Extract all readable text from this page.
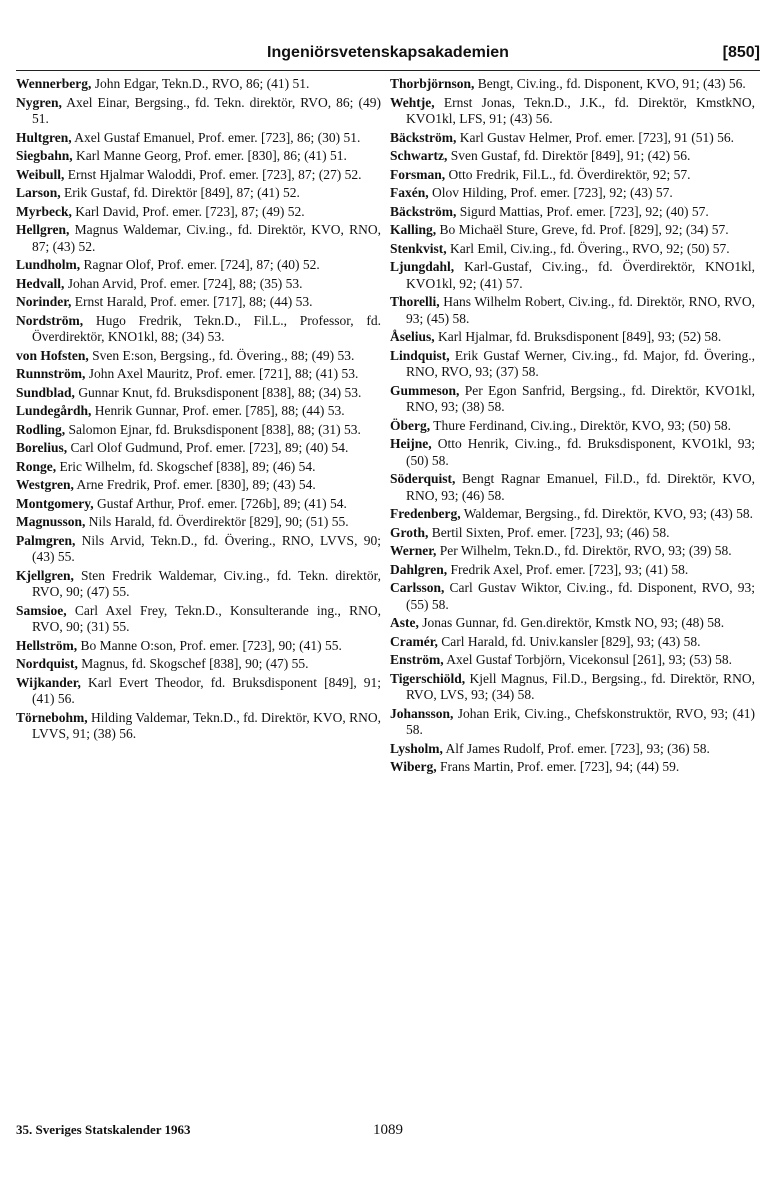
Ingeniörsvetenskapsakademien	[850]

Wennerberg, John Edgar, Tekn.D., RVO, 86; (41) 51.

Nygren, Axel Einar, Bergsing., fd. Tekn. direktör, RVO, 86; (49) 51.

Hultgren, Axel Gustaf Emanuel, Prof. emer. [723], 86; (30) 51.

Siegbahn, Karl Manne Georg, Prof. emer. [830], 86; (41) 51.

Weibull, Ernst Hjalmar Waloddi, Prof. emer. [723], 87; (27) 52.

Larson, Erik Gustaf, fd. Direktör [849], 87; (41) 52.

Myrbeck, Karl David, Prof. emer. [723], 87; (49) 52.

Hellgren, Magnus Waldemar, Civ.ing., fd. Direktör, KVO, RNO, 87; (43) 52.

Lundholm, Ragnar Olof, Prof. emer. [724], 87; (40) 52.

Hedvall, Johan Arvid, Prof. emer. [724], 88; (35) 53.

Norinder, Ernst Harald, Prof. emer. [717], 88; (44) 53.

Nordström, Hugo Fredrik, Tekn.D., Fil.L., Professor, fd. Överdirektör, KNO1kl, 88; (34) 53.

von Hofsten, Sven E:son, Bergsing., fd. Övering., 88; (49) 53.

Runnström, John Axel Mauritz, Prof. emer. [721], 88; (41) 53.

Sundblad, Gunnar Knut, fd. Bruksdisponent [838], 88; (34) 53.

Lundegårdh, Henrik Gunnar, Prof. emer. [785], 88; (44) 53.

Rodling, Salomon Ejnar, fd. Bruksdisponent [838], 88; (31) 53.

Borelius, Carl Olof Gudmund, Prof. emer. [723], 89; (40) 54.

Ronge, Eric Wilhelm, fd. Skogschef [838], 89; (46) 54.

Westgren, Arne Fredrik, Prof. emer. [830], 89; (43) 54.

Montgomery, Gustaf Arthur, Prof. emer. [726b], 89; (41) 54.

Magnusson, Nils Harald, fd. Överdirektör [829], 90; (51) 55.

Palmgren, Nils Arvid, Tekn.D., fd. Övering., RNO, LVVS, 90; (43) 55.

Kjellgren, Sten Fredrik Waldemar, Civ.ing., fd. Tekn. direktör, RVO, 90; (47) 55.

Samsioe, Carl Axel Frey, Tekn.D., Konsulterande ing., RNO, RVO, 90; (31) 55.

Hellström, Bo Manne O:son, Prof. emer. [723], 90; (41) 55.

Nordquist, Magnus, fd. Skogschef [838], 90; (47) 55.

Wijkander, Karl Evert Theodor, fd. Bruksdisponent [849], 91; (41) 56.

Törnebohm, Hilding Valdemar, Tekn.D., fd. Direktör, KVO, RNO, LVVS, 91; (38) 56.

Thorbjörnson, Bengt, Civ.ing., fd. Disponent, KVO, 91; (43) 56.

Wehtje, Ernst Jonas, Tekn.D., J.K., fd. Direktör, KmstkNO, KVO1kl, LFS, 91; (43) 56.

Bäckström, Karl Gustav Helmer, Prof. emer. [723], 91 (51) 56.

Schwartz, Sven Gustaf, fd. Direktör [849], 91; (42) 56.

Forsman, Otto Fredrik, Fil.L., fd. Överdirektör, 92; 57.

Faxén, Olov Hilding, Prof. emer. [723], 92; (43) 57.

Bäckström, Sigurd Mattias, Prof. emer. [723], 92; (40) 57.

Kalling, Bo Michaël Sture, Greve, fd. Prof. [829], 92; (34) 57.

Stenkvist, Karl Emil, Civ.ing., fd. Övering., RVO, 92; (50) 57.

Ljungdahl, Karl-Gustaf, Civ.ing., fd. Överdirektör, KNO1kl, KVO1kl, 92; (41) 57.

Thorelli, Hans Wilhelm Robert, Civ.ing., fd. Direktör, RNO, RVO, 93; (45) 58.

Åselius, Karl Hjalmar, fd. Bruksdisponent [849], 93; (52) 58.

Lindquist, Erik Gustaf Werner, Civ.ing., fd. Major, fd. Övering., RNO, RVO, 93; (37) 58.

Gummeson, Per Egon Sanfrid, Bergsing., fd. Direktör, KVO1kl, RNO, 93; (38) 58.

Öberg, Thure Ferdinand, Civ.ing., Direktör, KVO, 93; (50) 58.

Heijne, Otto Henrik, Civ.ing., fd. Bruksdisponent, KVO1kl, 93; (50) 58.

Söderquist, Bengt Ragnar Emanuel, Fil.D., fd. Direktör, KVO, RNO, 93; (46) 58.

Fredenberg, Waldemar, Bergsing., fd. Direktör, KVO, 93; (43) 58.

Groth, Bertil Sixten, Prof. emer. [723], 93; (46) 58.

Werner, Per Wilhelm, Tekn.D., fd. Direktör, RVO, 93; (39) 58.

Dahlgren, Fredrik Axel, Prof. emer. [723], 93; (41) 58.

Carlsson, Carl Gustav Wiktor, Civ.ing., fd. Disponent, RVO, 93; (55) 58.

Aste, Jonas Gunnar, fd. Gen.direktör, Kmstk NO, 93; (48) 58.

Cramér, Carl Harald, fd. Univ.kansler [829], 93; (43) 58.

Enström, Axel Gustaf Torbjörn, Vicekonsul [261], 93; (53) 58.

Tigerschiöld, Kjell Magnus, Fil.D., Bergsing., fd. Direktör, RNO, RVO, LVS, 93; (34) 58.

Johansson, Johan Erik, Civ.ing., Chefskonstruktör, RVO, 93; (41) 58.

Lysholm, Alf James Rudolf, Prof. emer. [723], 93; (36) 58.

Wiberg, Frans Martin, Prof. emer. [723], 94; (44) 59.

35. Sveriges Statskalender 1963	1089
